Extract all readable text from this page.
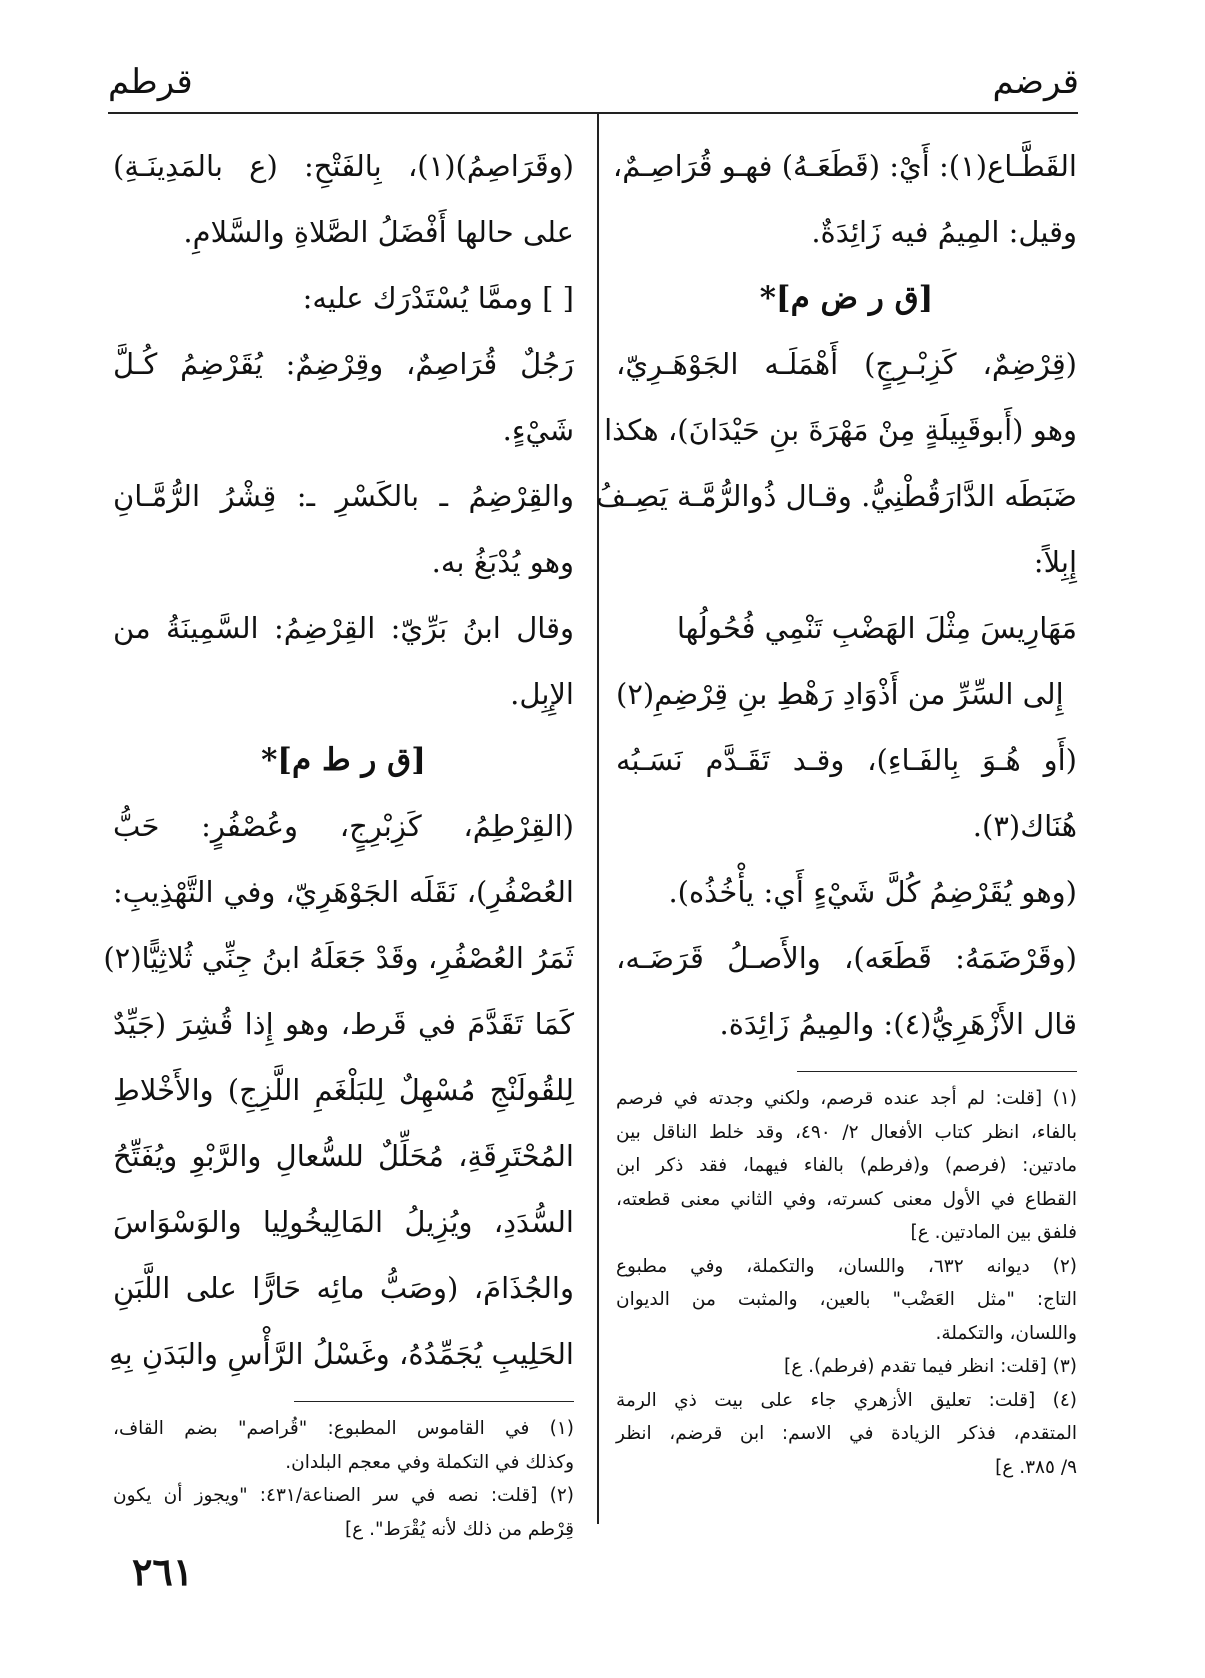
قرضم
قرطم

القَطَّـاع(١): أَيْ: (قَطَعَـهُ) فهـو قُرَاصِـمٌ،

وقيل: المِيمُ فيه زَائِدَةٌ.

[ق ر ض م]*

(قِرْضِمٌ، كَزِبْـرِجٍ) أَهْمَلَـه الجَوْهَـرِيّ،

وهو (أَبوقَبِيلَةٍ مِنْ مَهْرَةَ بنِ حَيْدَانَ)، هكذا

ضَبَطَه الدَّارَقُطْنِيُّ. وقـال ذُوالرُّمَّـة يَصِـفُ

إِبِلاً:

مَهَارِيسَ مِثْلَ الهَضْبِ تَنْمِي فُحُولُها

إِلى السِّرِّ من أَذْوَادِ رَهْطِ بنِ قِرْضِمِ(٢)

(أَو هُـوَ بِالفَـاءِ)، وقـد تَقَـدَّم نَسَـبُه

هُنَاك(٣).

(وهو يُقَرْضِمُ كُلَّ شَيْءٍ أَي: يأْخُذُه).

(وقَرْضَمَهُ: قَطَعَه)، والأَصـلُ قَرَضَـه،

قال الأَزْهَرِيُّ(٤): والمِيمُ زَائِدَة.

(١) [قلت: لم أجد عنده قرصم، ولكني وجدته في فرصم

بالفاء، انظر كتاب الأفعال ٢/ ٤٩٠، وقد خلط الناقل بين

مادتين: (فرصم) و(فرطم) بالفاء فيهما، فقد ذكر ابن

القطاع في الأول معنى كسرته، وفي الثاني معنى قطعته،

فلفق بين المادتين. ع]

(٢) ديوانه ٦٣٢، واللسان، والتكملة، وفي مطبوع

التاج: "مثل العَضْب" بالعين، والمثبت من الديوان

واللسان، والتكملة.

(٣) [قلت: انظر فيما تقدم (فرطم). ع]

(٤) [قلت: تعليق الأزهري جاء على بيت ذي الرمة

المتقدم، فذكر الزيادة في الاسم: ابن قرضم، انظر

٩/ ٣٨٥. ع]

(وقَرَاصِمُ)(١)، بِالفَتْحِ: (ع بالمَدِينَـةِ)

على حالها أَفْضَلُ الصَّلاةِ والسَّلامِ.

[ ] وممَّا يُسْتَدْرَك عليه:

رَجُلٌ قُرَاصِمٌ، وقِرْضِمٌ: يُقَرْضِمُ كُـلَّ

شَيْءٍ.

والقِرْضِمُ ـ بالكَسْرِ ـ: قِشْرُ الرُّمَّـانِ

وهو يُدْبَغُ به.

وقال ابنُ بَرِّيّ: القِرْضِمُ: السَّمِينَةُ من

الإِبِل.

[ق ر ط م]*

(القِرْطِمُ، كَزِبْرِجٍ، وعُصْفُرٍ: حَبُّ

العُصْفُرِ)، نَقَلَه الجَوْهَرِيّ، وفي التَّهْذِيبِ:

ثَمَرُ العُصْفُرِ، وقَدْ جَعَلَهُ ابنُ جِنِّي ثُلاثِيًّا(٢)

كَمَا تَقَدَّمَ في قَرط، وهو إِذا قُشِرَ (جَيِّدٌ

لِلقُولَنْجِ مُسْهِلٌ لِلبَلْغَمِ اللَّزِجِ) والأَخْلاطِ

المُحْتَرِقَةِ، مُحَلِّلٌ للسُّعالِ والرَّبْوِ ويُفَتِّحُ

السُّدَدِ، ويُزِيلُ المَالِيخُولِيا والوَسْوَاسَ

والجُذَامَ، (وصَبُّ مائِه حَارًّا على اللَّبَنِ

الحَلِيبِ يُجَمِّدُهُ، وغَسْلُ الرَّأْسِ والبَدَنِ بِهِ

(١) في القاموس المطبوع: "قُراصم" بضم القاف،

وكذلك في التكملة وفي معجم البلدان.

(٢) [قلت: نصه في سر الصناعة/٤٣١: "ويجوز أن يكون

قِرْطم من ذلك لأنه يُقْرَط". ع]

٢٦١
